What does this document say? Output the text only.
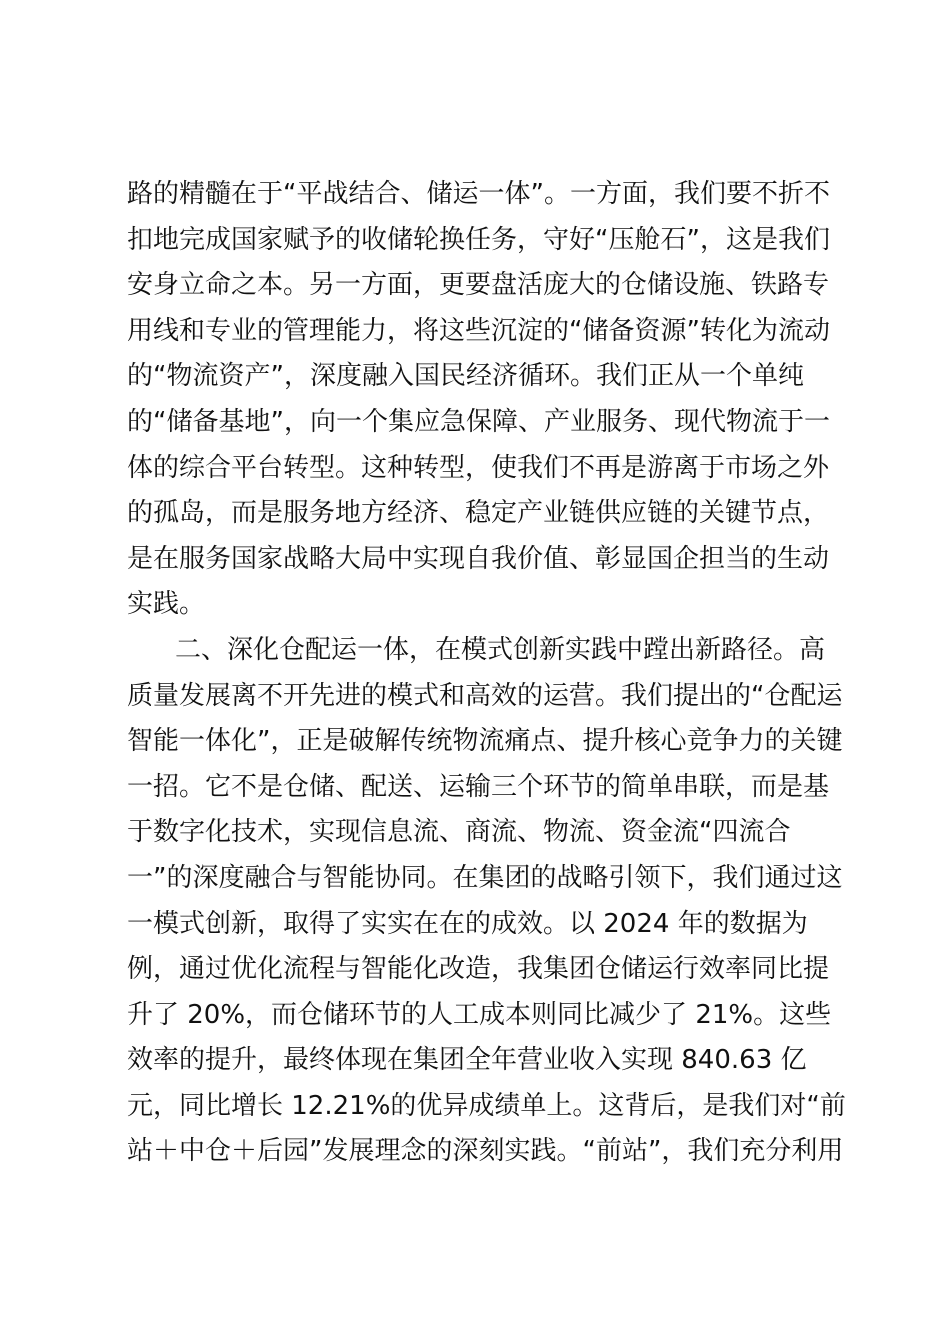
路的精髓在于“平战结合、储运一体”。一方面，我们要不折不
扣地完成国家赋予的收储轮换任务，守好“压舱石”，这是我们
安身立命之本。另一方面，更要盘活庞大的仓储设施、铁路专
用线和专业的管理能力，将这些沉淀的“储备资源”转化为流动
的“物流资产”，深度融入国民经济循环。我们正从一个单纯
的“储备基地”，向一个集应急保障、产业服务、现代物流于一
体的综合平台转型。这种转型，使我们不再是游离于市场之外
的孤岛，而是服务地方经济、稳定产业链供应链的关键节点，
是在服务国家战略大局中实现自我价值、彰显国企担当的生动
实践。
二、深化仓配运一体，在模式创新实践中蹚出新路径。高
质量发展离不开先进的模式和高效的运营。我们提出的“仓配运
智能一体化”，正是破解传统物流痛点、提升核心竞争力的关键
一招。它不是仓储、配送、运输三个环节的简单串联，而是基
于数字化技术，实现信息流、商流、物流、资金流“四流合
一”的深度融合与智能协同。在集团的战略引领下，我们通过这
一模式创新，取得了实实在在的成效。以 2024 年的数据为
例，通过优化流程与智能化改造，我集团仓储运行效率同比提
升了 20%，而仓储环节的人工成本则同比减少了 21%。这些
效率的提升，最终体现在集团全年营业收入实现 840.63 亿
元，同比增长 12.21%的优异成绩单上。这背后，是我们对“前
站＋中仓＋后园”发展理念的深刻实践。“前站”，我们充分利用
